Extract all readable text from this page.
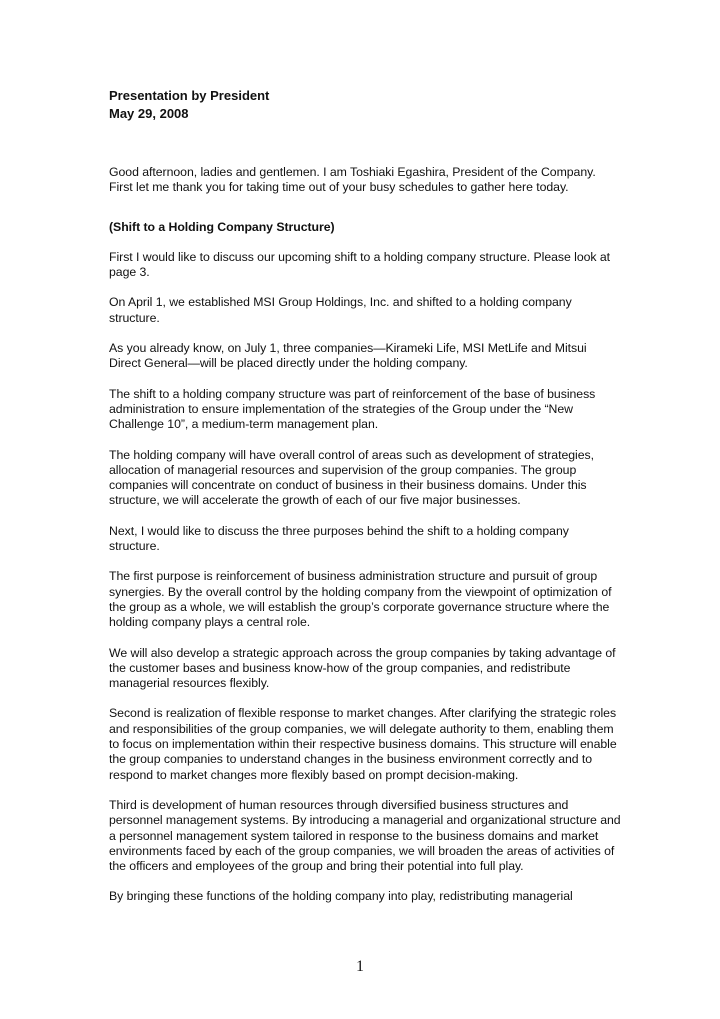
Presentation by President
May 29, 2008

Good afternoon, ladies and gentlemen. I am Toshiaki Egashira, President of the Company. First let me thank you for taking time out of your busy schedules to gather here today.

(Shift to a Holding Company Structure)

First I would like to discuss our upcoming shift to a holding company structure. Please look at page 3.

On April 1, we established MSI Group Holdings, Inc. and shifted to a holding company structure.

As you already know, on July 1, three companies—Kirameki Life, MSI MetLife and Mitsui Direct General—will be placed directly under the holding company.

The shift to a holding company structure was part of reinforcement of the base of business administration to ensure implementation of the strategies of the Group under the “New Challenge 10”, a medium-term management plan.

The holding company will have overall control of areas such as development of strategies, allocation of managerial resources and supervision of the group companies. The group companies will concentrate on conduct of business in their business domains. Under this structure, we will accelerate the growth of each of our five major businesses.

Next, I would like to discuss the three purposes behind the shift to a holding company structure.

The first purpose is reinforcement of business administration structure and pursuit of group synergies. By the overall control by the holding company from the viewpoint of optimization of the group as a whole, we will establish the group’s corporate governance structure where the holding company plays a central role.

We will also develop a strategic approach across the group companies by taking advantage of the customer bases and business know-how of the group companies, and redistribute managerial resources flexibly.

Second is realization of flexible response to market changes. After clarifying the strategic roles and responsibilities of the group companies, we will delegate authority to them, enabling them to focus on implementation within their respective business domains. This structure will enable the group companies to understand changes in the business environment correctly and to respond to market changes more flexibly based on prompt decision-making.

Third is development of human resources through diversified business structures and personnel management systems. By introducing a managerial and organizational structure and a personnel management system tailored in response to the business domains and market environments faced by each of the group companies, we will broaden the areas of activities of the officers and employees of the group and bring their potential into full play.

By bringing these functions of the holding company into play, redistributing managerial

1
